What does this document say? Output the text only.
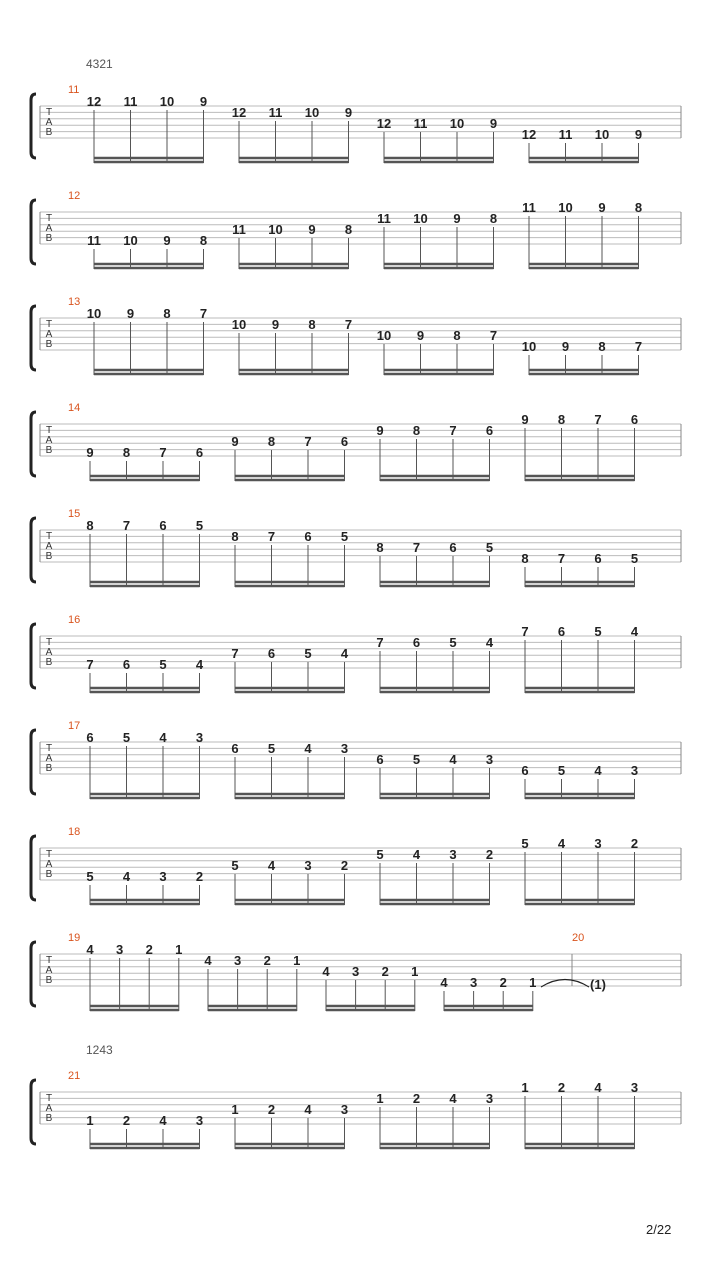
4321
1243
T
A
B
11
12 11 10 9
12 11 10 9
12 11 10 9
12 11 10 9
T
A
B
12
11 10 9 8
11 10 9 8
11 10 9 8
11 10 9 8
T
A
B
13
10 9 8 7
10 9 8 7
10 9 8 7
10 9 8 7
T
A
B
14
9 8 7 6
9 8 7 6
9 8 7 6
9 8 7 6
T
A
B
15
8 7 6 5
8 7 6 5
8 7 6 5
8 7 6 5
T
A
B
16
7 6 5 4
7 6 5 4
7 6 5 4
7 6 5 4
T
A
B
17
6 5 4 3
6 5 4 3
6 5 4 3
6 5 4 3
T
A
B
18
5 4 3 2
5 4 3 2
5 4 3 2
5 4 3 2
T
A
B
19
4 3 2 1
4 3 2 1
4 3 2 1
4 3 2 1
20
(1)
T
A
B
21
1 2 4 3
1 2 4 3
1 2 4 3
1 2 4 3
2/22
